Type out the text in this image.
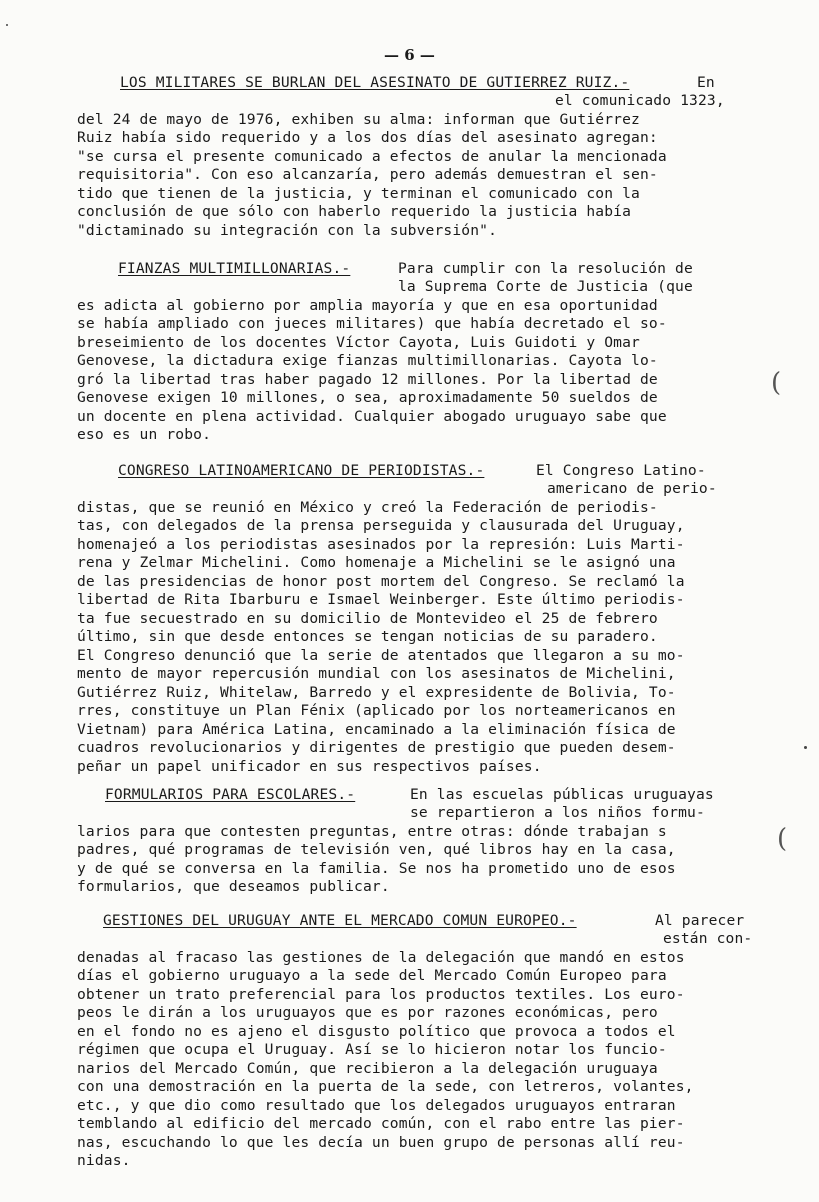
— 6 —
LOS MILITARES SE BURLAN DEL ASESINATO DE GUTIERREZ RUIZ.-	En
el comunicado 1323,
del 24 de mayo de 1976, exhiben su alma: informan que Gutiérrez
Ruiz había sido requerido y a los dos días del asesinato agregan:
"se cursa el presente comunicado a efectos de anular la mencionada
requisitoria". Con eso alcanzaría, pero además demuestran el sen-
tido que tienen de la justicia, y terminan el comunicado con la
conclusión de que sólo con haberlo requerido la justicia había
"dictaminado su integración con la subversión".
FIANZAS MULTIMILLONARIAS.-	Para cumplir con la resolución de
la Suprema Corte de Justicia (que
es adicta al gobierno por amplia mayoría y que en esa oportunidad
se había ampliado con jueces militares) que había decretado el so-
breseimiento de los docentes Víctor Cayota, Luis Guidoti y Omar
Genovese, la dictadura exige fianzas multimillonarias. Cayota lo-
gró la libertad tras haber pagado 12 millones. Por la libertad de
Genovese exigen 10 millones, o sea, aproximadamente 50 sueldos de
un docente en plena actividad. Cualquier abogado uruguayo sabe que
eso es un robo.
CONGRESO LATINOAMERICANO DE PERIODISTAS.-	El Congreso Latino-
americano de perio-
distas, que se reunió en México y creó la Federación de periodis-
tas, con delegados de la prensa perseguida y clausurada del Uruguay,
homenajeó a los periodistas asesinados por la represión: Luis Marti-
rena y Zelmar Michelini. Como homenaje a Michelini se le asignó una
de las presidencias de honor post mortem del Congreso. Se reclamó la
libertad de Rita Ibarburu e Ismael Weinberger. Este último periodis-
ta fue secuestrado en su domicilio de Montevideo el 25 de febrero
último, sin que desde entonces se tengan noticias de su paradero.
El Congreso denunció que la serie de atentados que llegaron a su mo-
mento de mayor repercusión mundial con los asesinatos de Michelini,
Gutiérrez Ruiz, Whitelaw, Barredo y el expresidente de Bolivia, To-
rres, constituye un Plan Fénix (aplicado por los norteamericanos en
Vietnam) para América Latina, encaminado a la eliminación física de
cuadros revolucionarios y dirigentes de prestigio que pueden desem-
peñar un papel unificador en sus respectivos países.
FORMULARIOS PARA ESCOLARES.-	En las escuelas públicas uruguayas
se repartieron a los niños formu-
larios para que contesten preguntas, entre otras: dónde trabajan s
padres, qué programas de televisión ven, qué libros hay en la casa,
y de qué se conversa en la familia. Se nos ha prometido uno de esos
formularios, que deseamos publicar.
GESTIONES DEL URUGUAY ANTE EL MERCADO COMUN EUROPEO.-	Al parecer
están con-
denadas al fracaso las gestiones de la delegación que mandó en estos
días el gobierno uruguayo a la sede del Mercado Común Europeo para
obtener un trato preferencial para los productos textiles. Los euro-
peos le dirán a los uruguayos que es por razones económicas, pero
en el fondo no es ajeno el disgusto político que provoca a todos el
régimen que ocupa el Uruguay. Así se lo hicieron notar los funcio-
narios del Mercado Común, que recibieron a la delegación uruguaya
con una demostración en la puerta de la sede, con letreros, volantes,
etc., y que dio como resultado que los delegados uruguayos entraran
temblando al edificio del mercado común, con el rabo entre las pier-
nas, escuchando lo que les decía un buen grupo de personas allí reu-
nidas.
(
(
